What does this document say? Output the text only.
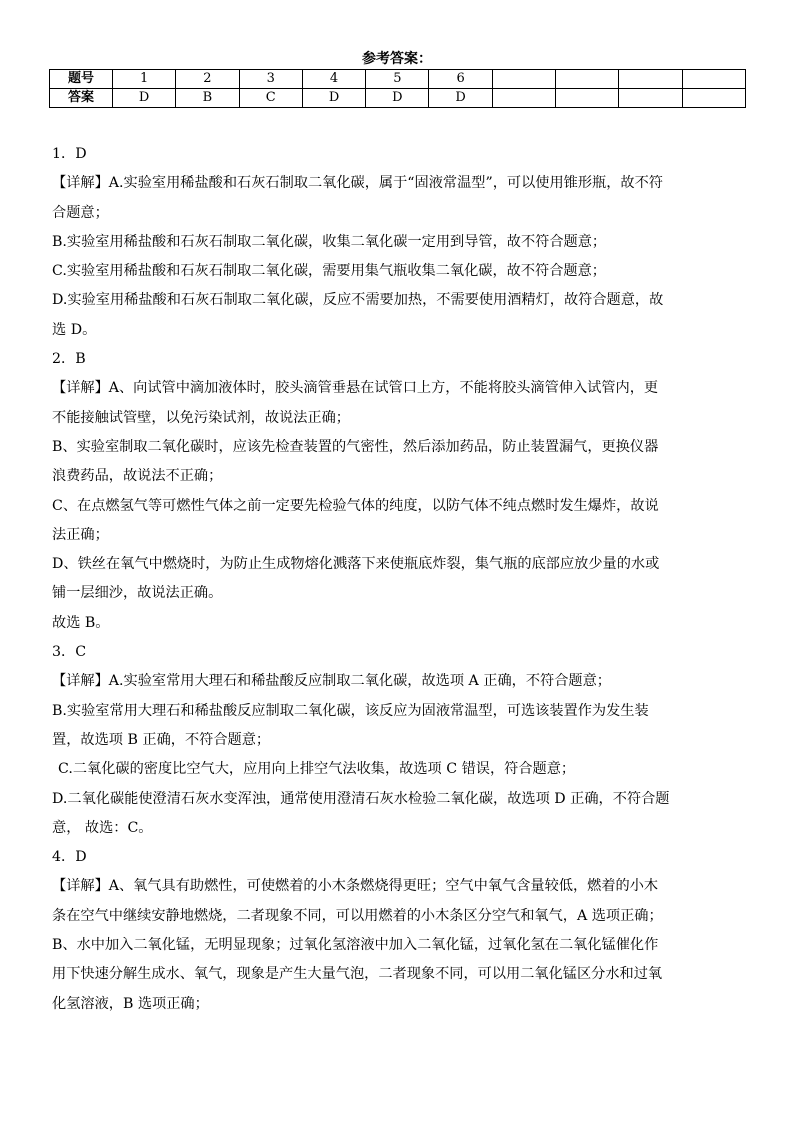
参考答案：
题号	1	2	3	4	5	6				
答案	D	B	C	D	D	D				

1．D

【详解】A.实验室用稀盐酸和石灰石制取二氧化碳，属于“固液常温型”，可以使用锥形瓶，故不符

合题意；

B.实验室用稀盐酸和石灰石制取二氧化碳，收集二氧化碳一定用到导管，故不符合题意；

C.实验室用稀盐酸和石灰石制取二氧化碳，需要用集气瓶收集二氧化碳，故不符合题意；

D.实验室用稀盐酸和石灰石制取二氧化碳，反应不需要加热，不需要使用酒精灯，故符合题意，故

选 D。

2．B

【详解】A、向试管中滴加液体时，胶头滴管垂悬在试管口上方，不能将胶头滴管伸入试管内，更

不能接触试管壁，以免污染试剂，故说法正确；

B、实验室制取二氧化碳时，应该先检查装置的气密性，然后添加药品，防止装置漏气，更换仪器

浪费药品，故说法不正确；

C、在点燃氢气等可燃性气体之前一定要先检验气体的纯度，以防气体不纯点燃时发生爆炸，故说

法正确；

D、铁丝在氧气中燃烧时，为防止生成物熔化溅落下来使瓶底炸裂，集气瓶的底部应放少量的水或

铺一层细沙，故说法正确。

故选 B。

3．C

【详解】A.实验室常用大理石和稀盐酸反应制取二氧化碳，故选项 A 正确，不符合题意；

B.实验室常用大理石和稀盐酸反应制取二氧化碳，该反应为固液常温型，可选该装置作为发生装

置，故选项 B 正确，不符合题意；

C.二氧化碳的密度比空气大，应用向上排空气法收集，故选项 C 错误，符合题意；

D.二氧化碳能使澄清石灰水变浑浊，通常使用澄清石灰水检验二氧化碳，故选项 D 正确，不符合题

意， 故选：C。

4．D

【详解】A、氧气具有助燃性，可使燃着的小木条燃烧得更旺；空气中氧气含量较低，燃着的小木

条在空气中继续安静地燃烧，二者现象不同，可以用燃着的小木条区分空气和氧气，A 选项正确；

B、水中加入二氧化锰，无明显现象；过氧化氢溶液中加入二氧化锰，过氧化氢在二氧化锰催化作

用下快速分解生成水、氧气，现象是产生大量气泡，二者现象不同，可以用二氧化锰区分水和过氧

化氢溶液，B 选项正确；
